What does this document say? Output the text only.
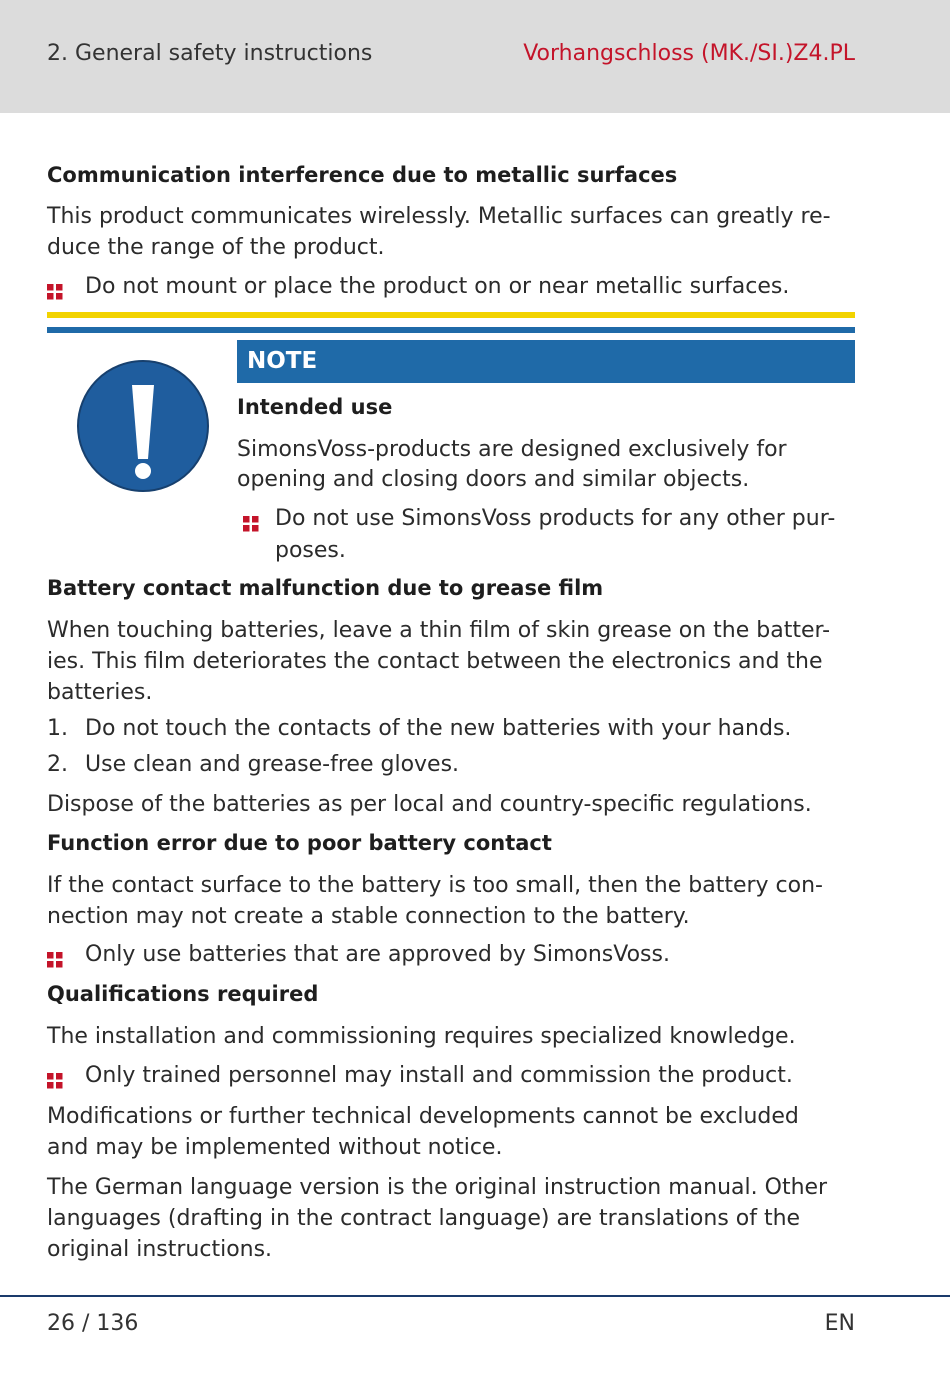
2. General safety instructions	Vorhangschloss (MK./SI.)Z4.PL
Communication interference due to metallic surfaces
This product communicates wirelessly. Metallic surfaces can greatly re-
duce the range of the product.
Do not mount or place the product on or near metallic surfaces.
NOTE
Intended use
SimonsVoss-products are designed exclusively for
opening and closing doors and similar objects.
Do not use SimonsVoss products for any other pur-
poses.
Battery contact malfunction due to grease film
When touching batteries, leave a thin film of skin grease on the batter-
ies. This film deteriorates the contact between the electronics and the
batteries.
1. Do not touch the contacts of the new batteries with your hands.
2. Use clean and grease-free gloves.
Dispose of the batteries as per local and country-specific regulations.
Function error due to poor battery contact
If the contact surface to the battery is too small, then the battery con-
nection may not create a stable connection to the battery.
Only use batteries that are approved by SimonsVoss.
Qualifications required
The installation and commissioning requires specialized knowledge.
Only trained personnel may install and commission the product.
Modifications or further technical developments cannot be excluded
and may be implemented without notice.
The German language version is the original instruction manual. Other
languages (drafting in the contract language) are translations of the
original instructions.
26 / 136	EN
